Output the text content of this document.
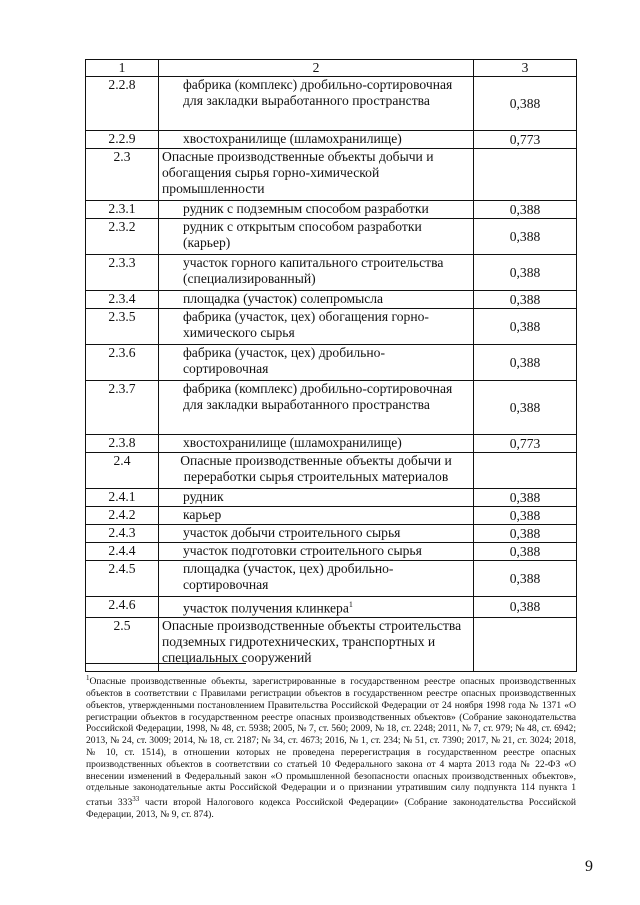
1	2	3
2.2.8	фабрика (комплекс) дробильно-сортировочная для закладки выработанного пространства	0,388
2.2.9	хвостохранилище (шламохранилище)	0,773
2.3	Опасные производственные объекты добычи и обогащения сырья горно-химической промышленности	
2.3.1	рудник с подземным способом разработки	0,388
2.3.2	рудник с открытым способом разработки (карьер)	0,388
2.3.3	участок горного капитального строительства (специализированный)	0,388
2.3.4	площадка (участок) солепромысла	0,388
2.3.5	фабрика (участок, цех) обогащения горно-химического сырья	0,388
2.3.6	фабрика (участок, цех) дробильно-сортировочная	0,388
2.3.7	фабрика (комплекс) дробильно-сортировочная для закладки выработанного пространства	0,388
2.3.8	хвостохранилище (шламохранилище)	0,773
2.4	Опасные производственные объекты добычи и переработки сырья строительных материалов	
2.4.1	рудник	0,388
2.4.2	карьер	0,388
2.4.3	участок добычи строительного сырья	0,388
2.4.4	участок подготовки строительного сырья	0,388
2.4.5	площадка (участок, цех) дробильно-сортировочная	0,388
2.4.6	участок получения клинкера$^1$	0,388
2.5	Опасные производственные объекты строительства подземных гидротехнических, транспортных и специальных сооружений	

$^1$Опасные производственные объекты, зарегистрированные в государственном реестре опасных производственных объектов в соответствии с Правилами регистрации объектов в государственном реестре опасных производственных объектов, утвержденными постановлением Правительства Российской Федерации от 24 ноября 1998 года № 1371 «О регистрации объектов в государственном реестре опасных производственных объектов» (Собрание законодательства Российской Федерации, 1998, № 48, ст. 5938; 2005, № 7, ст. 560; 2009, № 18, ст. 2248; 2011, № 7, ст. 979; № 48, ст. 6942; 2013, № 24, ст. 3009; 2014, № 18, ст. 2187; № 34, ст. 4673; 2016, № 1, ст. 234; № 51, ст. 7390; 2017, № 21, ст. 3024; 2018, № 10, ст. 1514), в отношении которых не проведена перерегистрация в государственном реестре опасных производственных объектов в соответствии со статьей 10 Федерального закона от 4 марта 2013 года № 22-ФЗ «О внесении изменений в Федеральный закон «О промышленной безопасности опасных производственных объектов», отдельные законодательные акты Российской Федерации и о признании утратившим силу подпункта 114 пункта 1 статьи $333^{33}$ части второй Налогового кодекса Российской Федерации» (Собрание законодательства Российской Федерации, 2013, № 9, ст. 874).

9
